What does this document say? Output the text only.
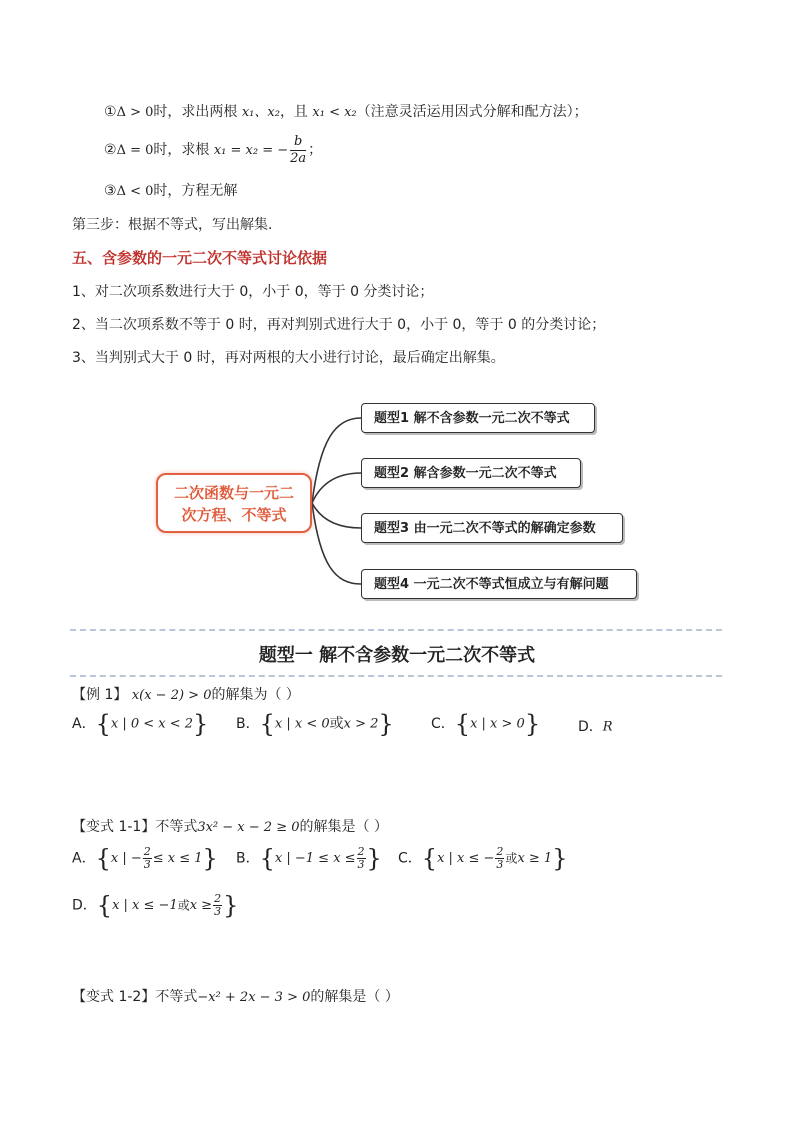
①Δ > 0时，求出两根 x₁、x₂，且 x₁ < x₂（注意灵活运用因式分解和配方法）；
②Δ = 0时，求根 x₁ = x₂ = − $\frac{b}{2a}$ ；
③Δ < 0时，方程无解
第三步：根据不等式，写出解集.
五、含参数的一元二次不等式讨论依据
1、对二次项系数进行大于 0，小于 0，等于 0 分类讨论；
2、当二次项系数不等于 0 时，再对判别式进行大于 0，小于 0，等于 0 的分类讨论；
3、当判别式大于 0 时，再对两根的大小进行讨论，最后确定出解集。
二次函数与一元二
次方程、不等式
题型1 解不含参数一元二次不等式
题型2 解含参数一元二次不等式
题型3 由一元二次不等式的解确定参数
题型4 一元二次不等式恒成立与有解问题
题型一 解不含参数一元二次不等式
【例 1】 x(x − 2) > 0的解集为（ ）
A．{x | 0 < x < 2} B．{x | x < 0或x > 2}	C．{x | x > 0}	D．R
【变式 1-1】不等式3x² − x − 2 ≥ 0的解集是（ ）
A．{x | − $\frac{2}{3} \le x \le 1$} B．{x | $-1 \le x \le \frac{2}{3}$ } C．{x | x ≤ − $\frac{2}{3}$ 或x ≥ 1}
D．{x | x ≤ −1或$x \ge \frac{2}{3}$ }
【变式 1-2】不等式−x² + 2x − 3 > 0的解集是（ ）
